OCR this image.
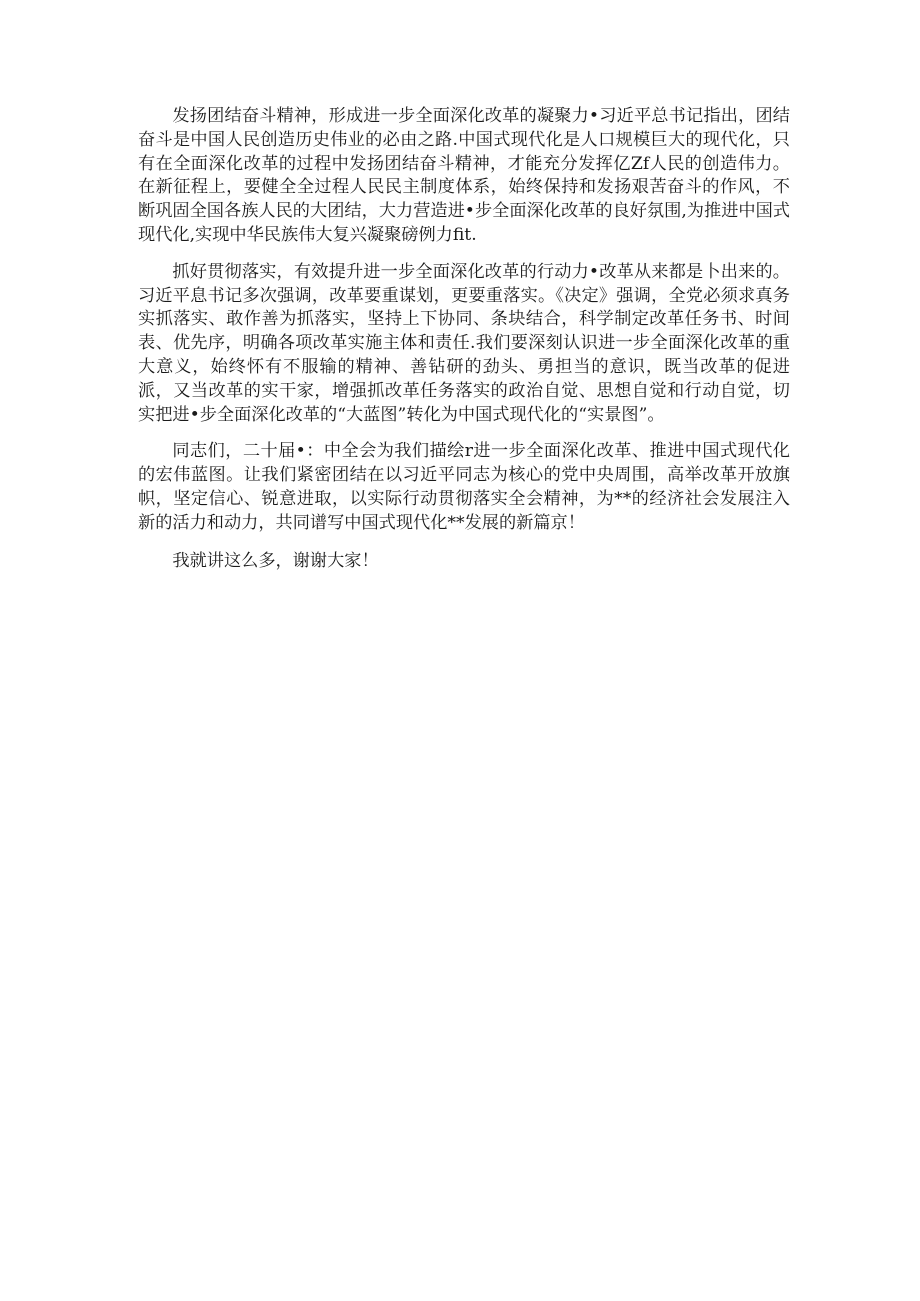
发扬团结奋斗精神，形成进一步全面深化改革的凝聚力•习近平总书记指出，团结奋斗是中国人民创造历史伟业的必由之路.中国式现代化是人口规模巨大的现代化，只有在全面深化改革的过程中发扬团结奋斗精神，才能充分发挥亿Zf人民的创造伟力。在新征程上，要健全全过程人民民主制度体系，始终保持和发扬艰苦奋斗的作风，不断巩固全国各族人民的大团结，大力营造进•步全面深化改革的良好氛围,为推进中国式现代化,实现中华民族伟大复兴凝聚磅例力fit.

抓好贯彻落实，有效提升进一步全面深化改革的行动力•改革从来都是卜出来的。习近平息书记多次强调，改革要重谋划，更要重落实。《决定》强调，全党必须求真务实抓落实、敢作善为抓落实，坚持上下协同、条块结合，科学制定改革任务书、时间表、优先序，明确各项改革实施主体和责任.我们要深刻认识进一步全面深化改革的重大意义，始终怀有不服输的精神、善钻研的劲头、勇担当的意识，既当改革的促进派，又当改革的实干家，增强抓改革任务落实的政治自觉、思想自觉和行动自觉，切实把进•步全面深化改革的“大蓝图”转化为中国式现代化的“实景图”。

同志们，二十届•：中全会为我们描绘r进一步全面深化改革、推进中国式现代化的宏伟蓝图。让我们紧密团结在以习近平同志为核心的党中央周围，高举改革开放旗帜，坚定信心、锐意进取，以实际行动贯彻落实全会精神，为**的经济社会发展注入新的活力和动力，共同谱写中国式现代化**发展的新篇京！

我就讲这么多，谢谢大家！
